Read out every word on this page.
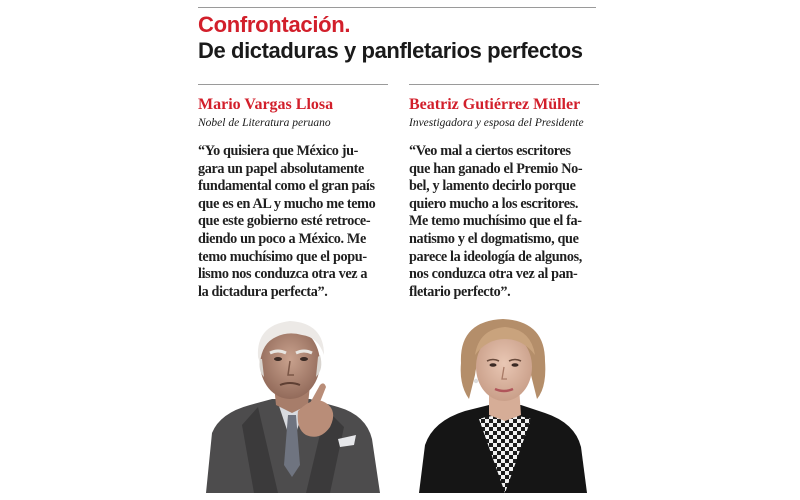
Confrontación.
De dictaduras y panfletarios perfectos
Mario Vargas Llosa
Nobel de Literatura peruano
“Yo quisiera que México ju-
gara un papel absolutamente
fundamental como el gran país
que es en AL y mucho me temo
que este gobierno esté retroce-
diendo un poco a México. Me
temo muchísimo que el popu-
lismo nos conduzca otra vez a
la dictadura perfecta”.
Beatriz Gutiérrez Müller
Investigadora y esposa del Presidente
“Veo mal a ciertos escritores
que han ganado el Premio No-
bel, y lamento decirlo porque
quiero mucho a los escritores.
Me temo muchísimo que el fa-
natismo y el dogmatismo, que
parece la ideología de algunos,
nos conduzca otra vez al pan-
fletario perfecto”.
